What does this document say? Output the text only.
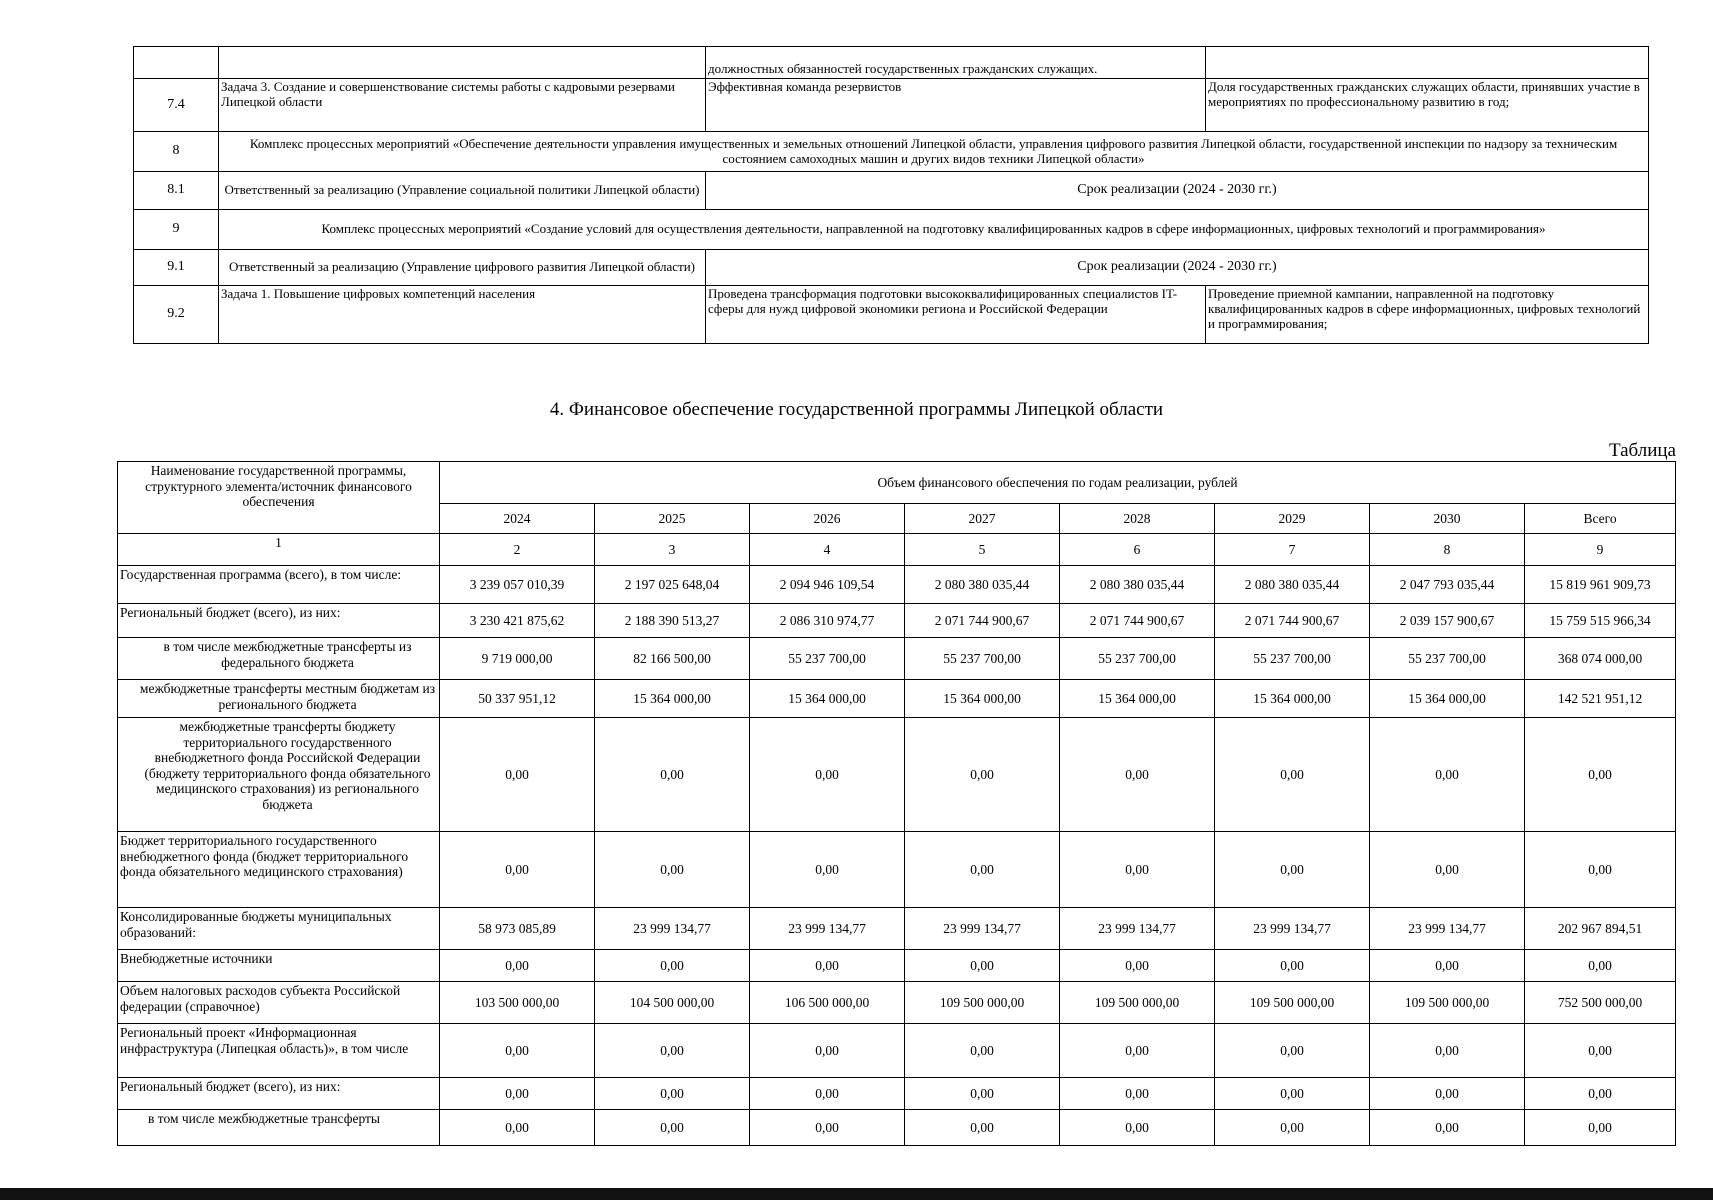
		должностных обязанностей государственных гражданских служащих.	
7.4	Задача 3. Создание и совершенствование системы работы с кадровыми резервами Липецкой области	Эффективная команда резервистов	Доля государственных гражданских служащих области, принявших участие в мероприятиях по профессиональному развитию в год;
8	Комплекс процессных мероприятий «Обеспечение деятельности управления имущественных и земельных отношений Липецкой области, управления цифрового развития Липецкой области, государственной инспекции по надзору за техническим состоянием самоходных машин и других видов техники Липецкой области»		
8.1	Ответственный за реализацию (Управление социальной политики Липецкой области)	Срок реализации (2024 - 2030 гг.)	
9	Комплекс процессных мероприятий «Создание условий для осуществления деятельности, направленной на подготовку квалифицированных кадров в сфере информационных, цифровых технологий и программирования»		
9.1	Ответственный за реализацию (Управление цифрового развития Липецкой области)	Срок реализации (2024 - 2030 гг.)	
9.2	Задача 1. Повышение цифровых компетенций населения	Проведена трансформация подготовки высококвалифицированных специалистов IT-сферы для нужд цифровой экономики региона и Российской Федерации	Проведение приемной кампании, направленной на подготовку квалифицированных кадров в сфере информационных, цифровых технологий и программирования;
4. Финансовое обеспечение государственной программы Липецкой области
Таблица
Наименование государственной программы, структурного элемента/источник финансового обеспечения	Объем финансового обеспечения по годам реализации, рублей							
	2024	2025	2026	2027	2028	2029	2030	Всего
1	2	3	4	5	6	7	8	9
Государственная программа (всего), в том числе:	3 239 057 010,39	2 197 025 648,04	2 094 946 109,54	2 080 380 035,44	2 080 380 035,44	2 080 380 035,44	2 047 793 035,44	15 819 961 909,73
Региональный бюджет (всего), из них:	3 230 421 875,62	2 188 390 513,27	2 086 310 974,77	2 071 744 900,67	2 071 744 900,67	2 071 744 900,67	2 039 157 900,67	15 759 515 966,34
в том числе межбюджетные трансферты из федерального бюджета	9 719 000,00	82 166 500,00	55 237 700,00	55 237 700,00	55 237 700,00	55 237 700,00	55 237 700,00	368 074 000,00
межбюджетные трансферты местным бюджетам из регионального бюджета	50 337 951,12	15 364 000,00	15 364 000,00	15 364 000,00	15 364 000,00	15 364 000,00	15 364 000,00	142 521 951,12
межбюджетные трансферты бюджету территориального государственного внебюджетного фонда Российской Федерации (бюджету территориального фонда обязательного медицинского страхования) из регионального бюджета	0,00	0,00	0,00	0,00	0,00	0,00	0,00	0,00
Бюджет территориального государственного внебюджетного фонда (бюджет территориального фонда обязательного медицинского страхования)	0,00	0,00	0,00	0,00	0,00	0,00	0,00	0,00
Консолидированные бюджеты муниципальных образований:	58 973 085,89	23 999 134,77	23 999 134,77	23 999 134,77	23 999 134,77	23 999 134,77	23 999 134,77	202 967 894,51
Внебюджетные источники	0,00	0,00	0,00	0,00	0,00	0,00	0,00	0,00
Объем налоговых расходов субъекта Российской федерации (справочное)	103 500 000,00	104 500 000,00	106 500 000,00	109 500 000,00	109 500 000,00	109 500 000,00	109 500 000,00	752 500 000,00
Региональный проект «Информационная инфраструктура (Липецкая область)», в том числе	0,00	0,00	0,00	0,00	0,00	0,00	0,00	0,00
Региональный бюджет (всего), из них:	0,00	0,00	0,00	0,00	0,00	0,00	0,00	0,00
в том числе межбюджетные трансферты	0,00	0,00	0,00	0,00	0,00	0,00	0,00	0,00
